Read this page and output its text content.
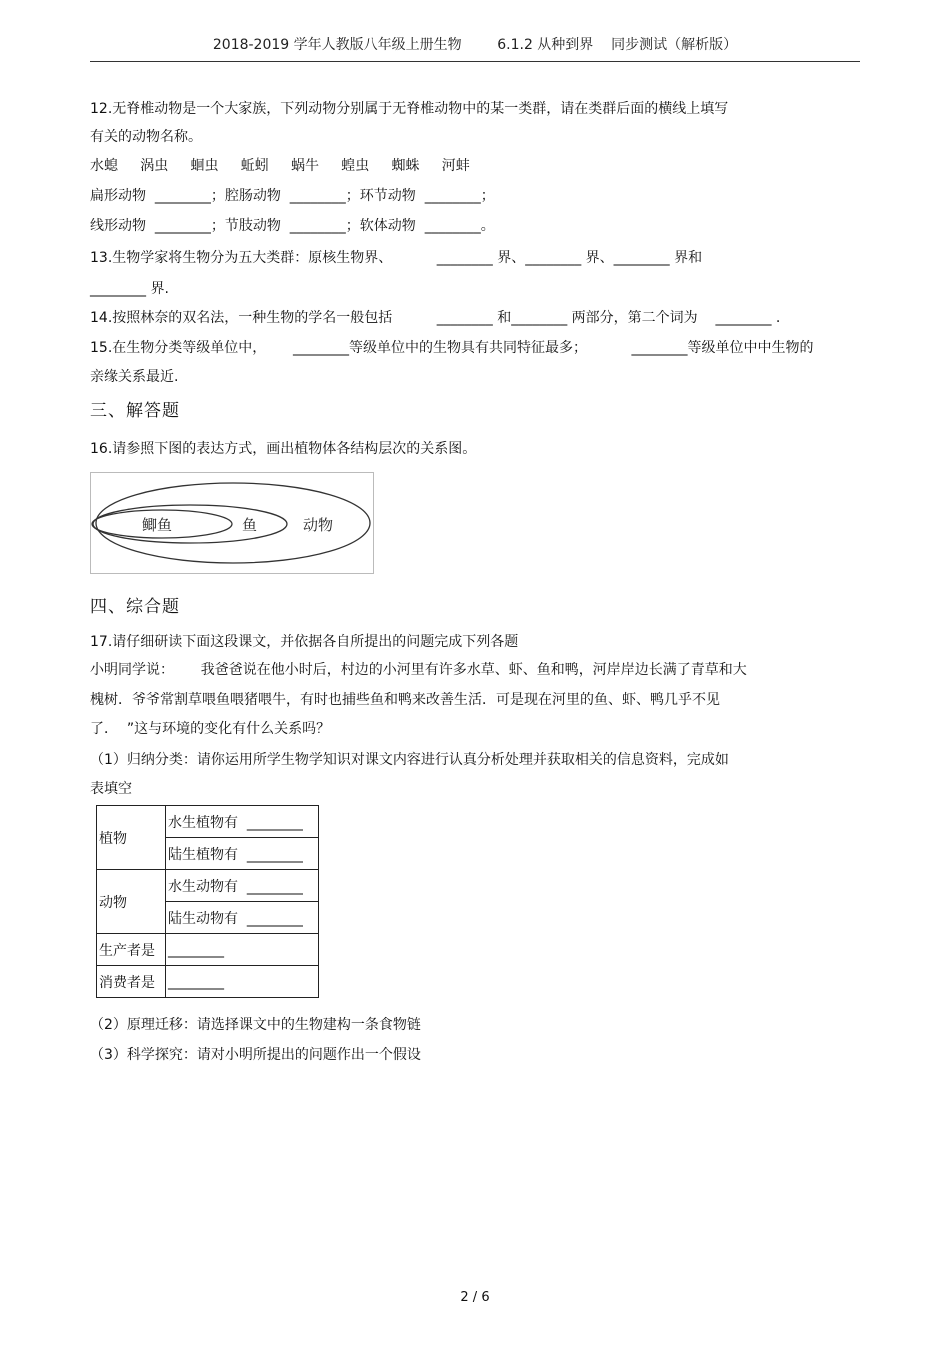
2018-2019 学年人教版八年级上册生物        6.1.2 从种到界    同步测试（解析版）
12.无脊椎动物是一个大家族，下列动物分别属于无脊椎动物中的某一类群，请在类群后面的横线上填写
有关的动物名称。
水螅     涡虫     蛔虫     蚯蚓     蜗牛     蝗虫     蜘蛛     河蚌
扁形动物  ________；腔肠动物  ________；环节动物  ________；
线形动物  ________；节肢动物  ________；软体动物  ________。
13.生物学家将生物分为五大类群：原核生物界、          ________ 界、________ 界、________ 界和
________ 界.
14.按照林奈的双名法，一种生物的学名一般包括          ________ 和________ 两部分，第二个词为    ________ .
15.在生物分类等级单位中，      ________等级单位中的生物具有共同特征最多；          ________等级单位中中生物的
亲缘关系最近.
三、解答题
16.请参照下图的表达方式，画出植物体各结构层次的关系图。
动物
鱼
鲫鱼
四、综合题
17.请仔细研读下面这段课文，并依据各自所提出的问题完成下列各题
小明同学说：      我爸爸说在他小时后，村边的小河里有许多水草、虾、鱼和鸭，河岸岸边长满了青草和大
槐树．爷爷常割草喂鱼喂猪喂牛，有时也捕些鱼和鸭来改善生活．可是现在河里的鱼、虾、鸭几乎不见
了．  ”这与环境的变化有什么关系吗？
（1）归纳分类：请你运用所学生物学知识对课文内容进行认真分析处理并获取相关的信息资料，完成如
表填空
植物	水生植物有  ________
	陆生植物有  ________
动物	水生动物有  ________
	陆生动物有  ________
生产者是	________
消费者是	________
（2）原理迁移：请选择课文中的生物建构一条食物链
（3）科学探究：请对小明所提出的问题作出一个假设
2 / 6
